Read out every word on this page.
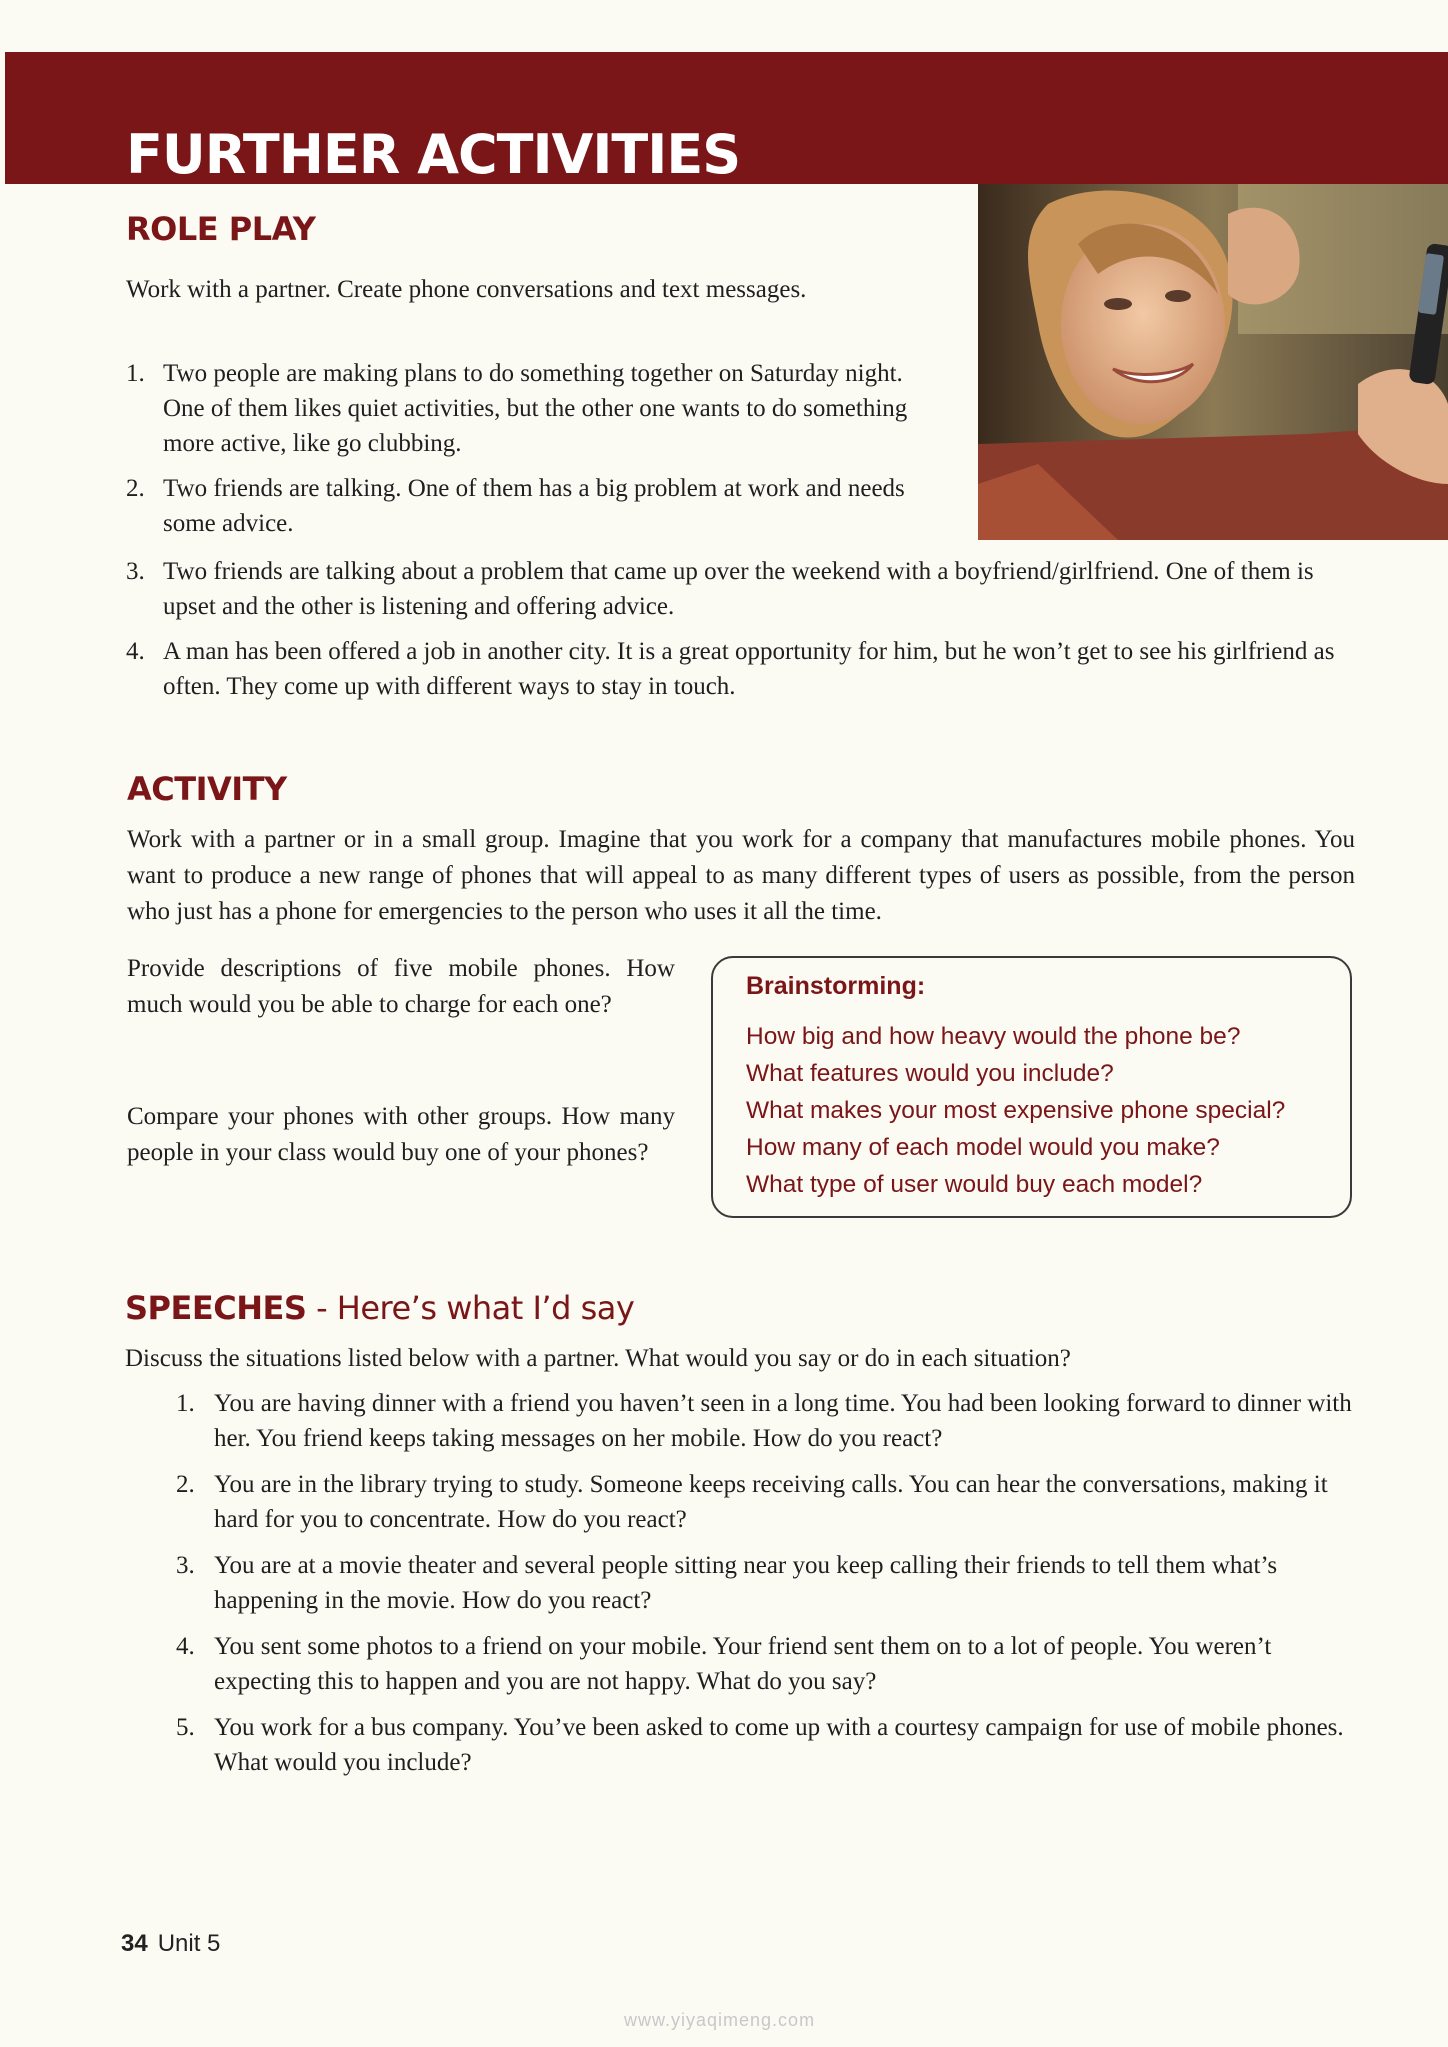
FURTHER ACTIVITIES
ROLE PLAY

Work with a partner. Create phone conversations and text messages.

1. Two people are making plans to do something together on Saturday night. One of them likes quiet activities, but the other one wants to do something more active, like go clubbing.
2. Two friends are talking. One of them has a big problem at work and needs some advice.
3. Two friends are talking about a problem that came up over the weekend with a boyfriend/girlfriend. One of them is upset and the other is listening and offering advice.
4. A man has been offered a job in another city. It is a great opportunity for him, but he won’t get to see his girlfriend as often. They come up with different ways to stay in touch.
ACTIVITY

Work with a partner or in a small group. Imagine that you work for a company that manufactures mobile phones. You want to produce a new range of phones that will appeal to as many different types of users as possible, from the person who just has a phone for emergencies to the person who uses it all the time.

Provide descriptions of five mobile phones. How much would you be able to charge for each one?

Compare your phones with other groups. How many people in your class would buy one of your phones?

Brainstorming:
How big and how heavy would the phone be?
What features would you include?
What makes your most expensive phone special?
How many of each model would you make?
What type of user would buy each model?
SPEECHES - Here’s what I’d say

Discuss the situations listed below with a partner. What would you say or do in each situation?

1. You are having dinner with a friend you haven’t seen in a long time. You had been looking forward to dinner with her. You friend keeps taking messages on her mobile. How do you react?
2. You are in the library trying to study. Someone keeps receiving calls. You can hear the conversations, making it hard for you to concentrate. How do you react?
3. You are at a movie theater and several people sitting near you keep calling their friends to tell them what’s happening in the movie. How do you react?
4. You sent some photos to a friend on your mobile. Your friend sent them on to a lot of people. You weren’t expecting this to happen and you are not happy. What do you say?
5. You work for a bus company. You’ve been asked to come up with a courtesy campaign for use of mobile phones. What would you include?
34 Unit 5
www.yiyaqimeng.com
